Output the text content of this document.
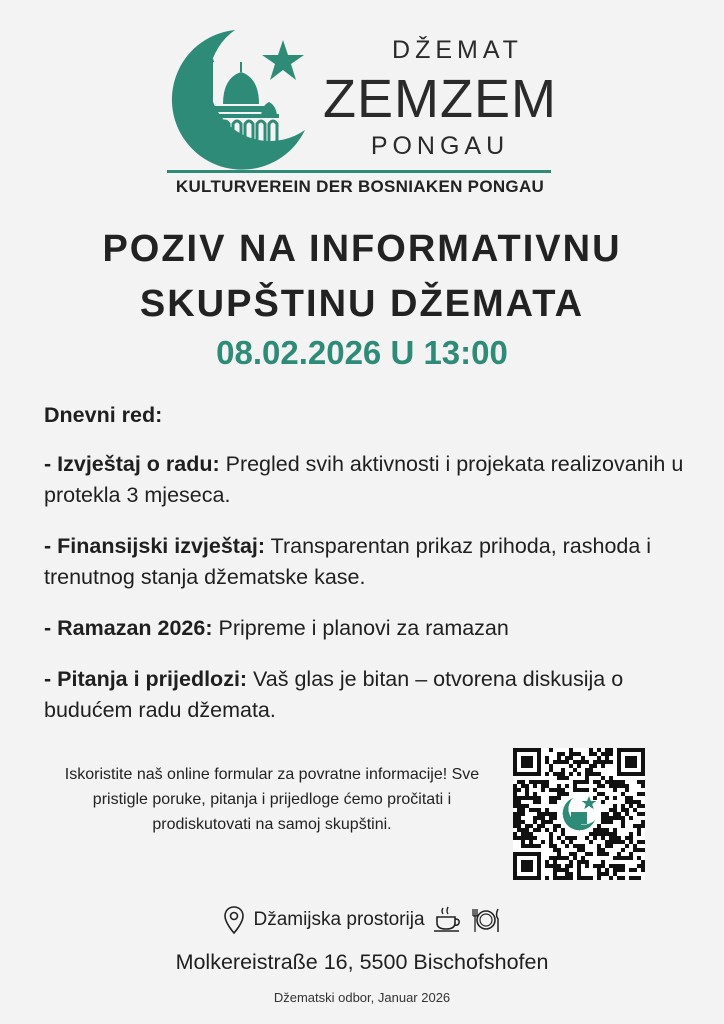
DŽEMAT
ZEMZEM
PONGAU
KULTURVEREIN DER BOSNIAKEN PONGAU
POZIV NA INFORMATIVNU
SKUPŠTINU DŽEMATA
08.02.2026 U 13:00
Dnevni red:
- Izvještaj o radu: Pregled svih aktivnosti i projekata realizovanih u protekla 3 mjeseca.
- Finansijski izvještaj: Transparentan prikaz prihoda, rashoda i trenutnog stanja džematske kase.
- Ramazan 2026: Pripreme i planovi za ramazan
- Pitanja i prijedlozi: Vaš glas je bitan – otvorena diskusija o budućem radu džemata.
Iskoristite naš online formular za povratne informacije! Sve pristigle poruke, pitanja i prijedloge ćemo pročitati i prodiskutovati na samoj skupštini.
Džamijska prostorija
Molkereistraße 16, 5500 Bischofshofen
Džematski odbor, Januar 2026
